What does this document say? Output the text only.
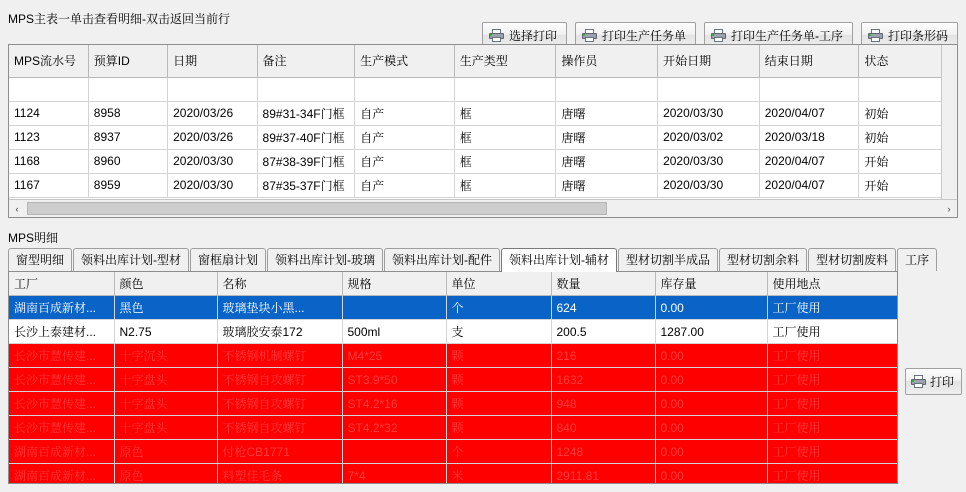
MPS主表一单击查看明细-双击返回当前行
选择打印	打印生产任务单	打印生产任务单-工序	打印条形码
MPS流水号	预算ID	日期	备注	生产模式	生产类型	操作员	开始日期	结束日期	状态
1130	9923	2020/03/27	77#1-9F门扇	自产	扇	栗娜	2020/03/27	2021/04/10	初始
1124	8958	2020/03/26	89#31-34F门框	自产	框	唐曙	2020/03/30	2020/04/07	初始
1123	8937	2020/03/26	89#37-40F门框	自产	框	唐曙	2020/03/02	2020/03/18	初始
1168	8960	2020/03/30	87#38-39F门框	自产	框	唐曙	2020/03/30	2020/04/07	开始
1167	8959	2020/03/30	87#35-37F门框	自产	框	唐曙	2020/03/30	2020/04/07	开始
‹	›
MPS明细
窗型明细	领料出库计划-型材	窗框扇计划	领料出库计划-玻璃	领料出库计划-配件	领料出库计划-辅材	型材切割半成品	型材切割余料	型材切割废料	工序
工厂	颜色	名称	规格	单位	数量	库存量	使用地点
湖南百成新材...	黑色	玻璃垫块小黑...		个	624	0.00	工厂使用
长沙上泰建材...	N2.75	玻璃胶安泰172	500ml	支	200.5	1287.00	工厂使用
长沙市慧传建...	十字沉头	不锈钢机制螺钉	M4*25	颗	216	0.00	工厂使用
长沙市慧传建...	十字盘头	不锈钢自攻螺钉	ST3.9*50	颗	1632	0.00	工厂使用
长沙市慧传建...	十字盘头	不锈钢自攻螺钉	ST4.2*16	颗	948	0.00	工厂使用
长沙市慧传建...	十字盘头	不锈钢自攻螺钉	ST4.2*32	颗	840	0.00	工厂使用
湖南百成新材...	原色	付枪CB1771		个	1248	0.00	工厂使用
湖南百成新材...	原色	料塑佳毛条	7*4	米	2911.81	0.00	工厂使用
打印
